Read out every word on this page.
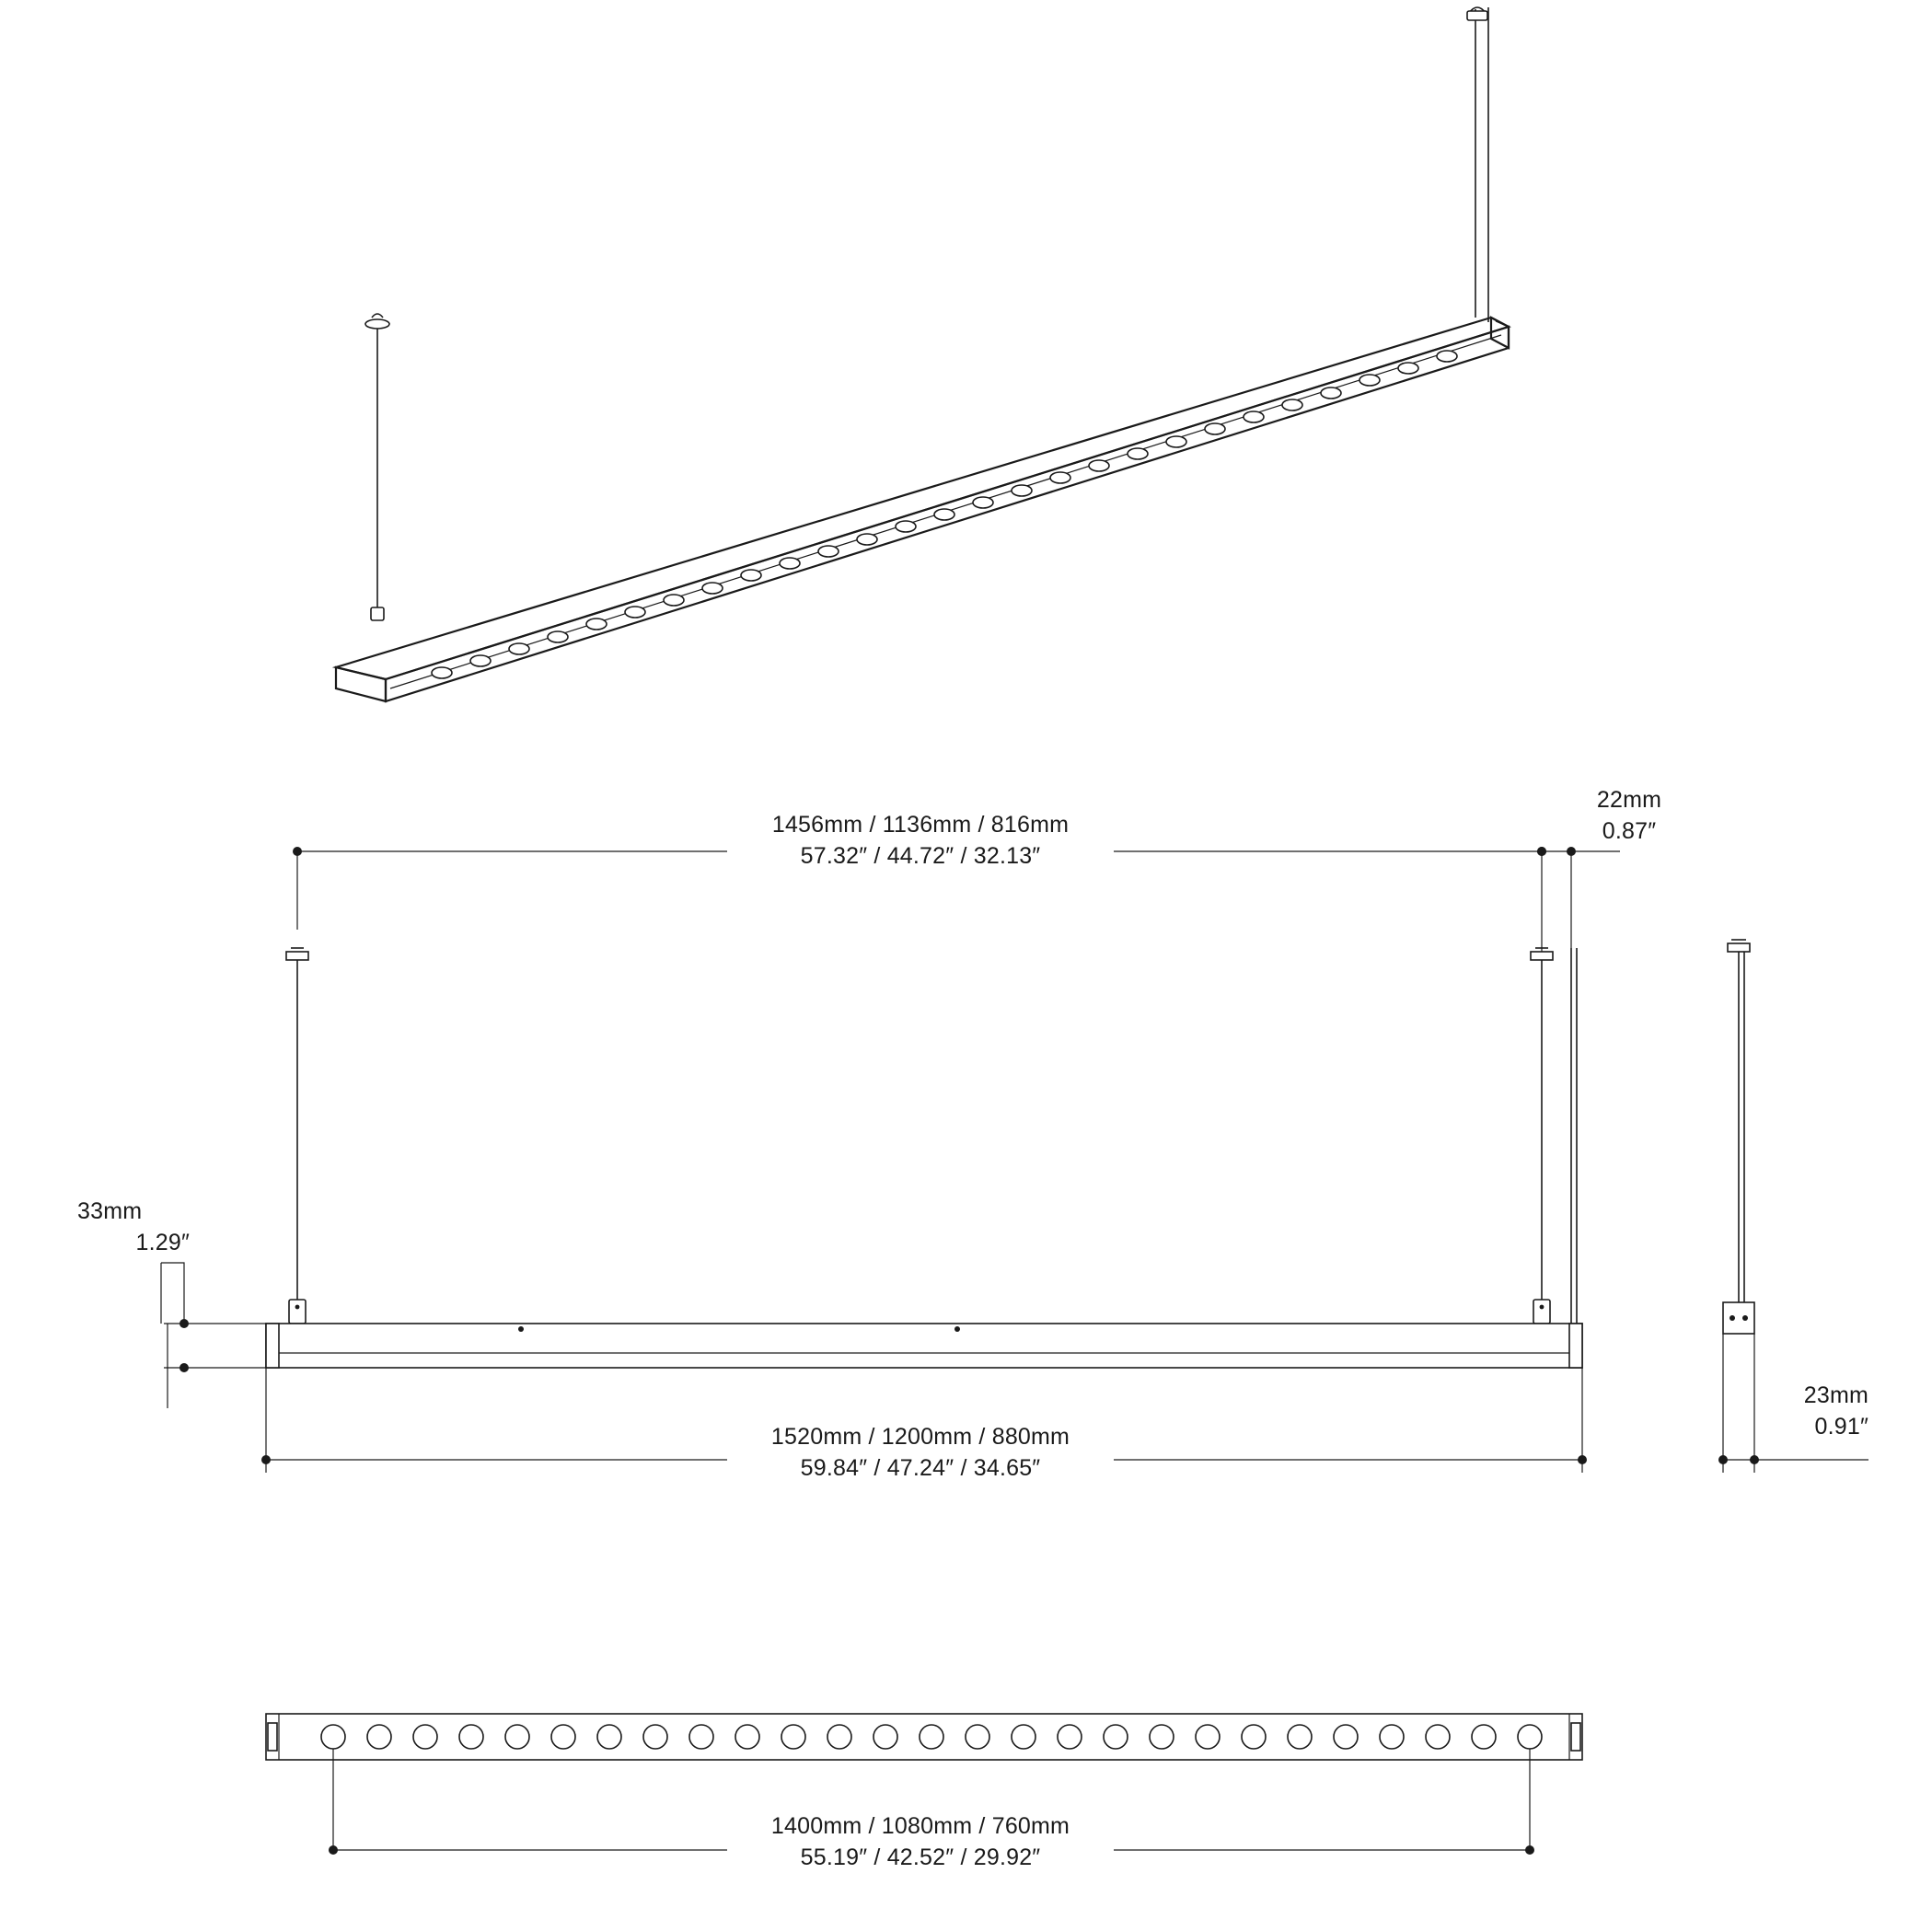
1456mm / 1136mm / 816mm
57.32″ / 44.72″ / 32.13″
22mm
0.87″
33mm
1.29″
1520mm / 1200mm / 880mm
59.84″ / 47.24″ / 34.65″
23mm
0.91″
1400mm / 1080mm / 760mm
55.19″ / 42.52″ / 29.92″
